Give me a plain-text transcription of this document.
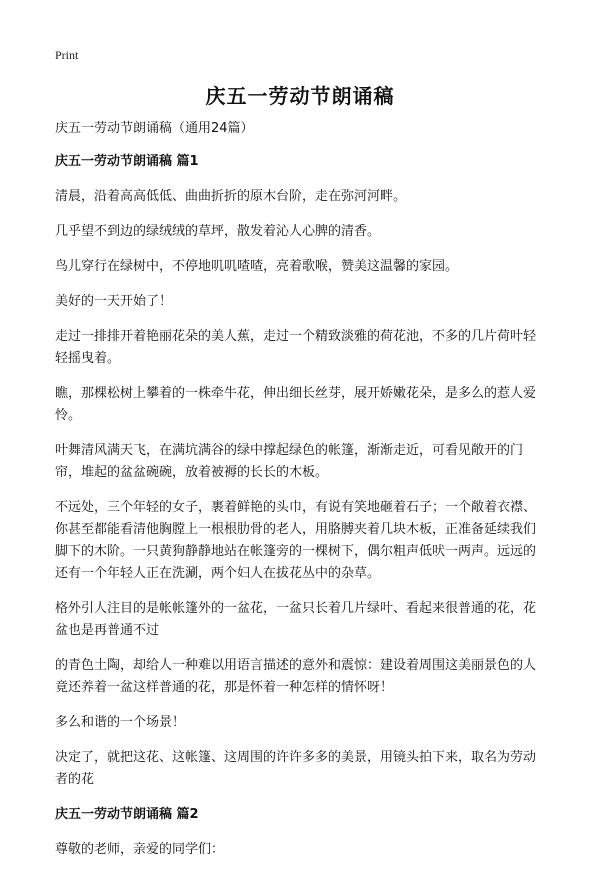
Print
庆五一劳动节朗诵稿
庆五一劳动节朗诵稿（通用24篇）
庆五一劳动节朗诵稿 篇1
清晨，沿着高高低低、曲曲折折的原木台阶，走在弥河河畔。
几乎望不到边的绿绒绒的草坪，散发着沁人心脾的清香。
鸟儿穿行在绿树中，不停地叽叽喳喳，亮着歌喉，赞美这温馨的家园。
美好的一天开始了！
走过一排排开着艳丽花朵的美人蕉，走过一个精致淡雅的荷花池，不多的几片荷叶轻轻摇曳着。
瞧，那棵松树上攀着的一株牵牛花，伸出细长丝芽，展开娇嫩花朵，是多么的惹人爱怜。
叶舞清风满天飞，在满坑满谷的绿中撑起绿色的帐篷，渐渐走近，可看见敞开的门帘，堆起的盆盆碗碗，放着被褥的长长的木板。
不远处，三个年轻的女子，裹着鲜艳的头巾，有说有笑地砸着石子；一个敞着衣襟、你甚至都能看清他胸膛上一根根肋骨的老人，用胳膊夹着几块木板，正准备延续我们脚下的木阶。一只黄狗静静地站在帐篷旁的一棵树下，偶尔粗声低吠一两声。远远的还有一个年轻人正在洗涮，两个妇人在拔花丛中的杂草。
格外引人注目的是帐帐篷外的一盆花，一盆只长着几片绿叶、看起来很普通的花，花盆也是再普通不过
的青色土陶，却给人一种难以用语言描述的意外和震惊：建设着周围这美丽景色的人竟还养着一盆这样普通的花，那是怀着一种怎样的情怀呀！
多么和谐的一个场景！
决定了，就把这花、这帐篷、这周围的许许多多的美景，用镜头拍下来，取名为劳动者的花
庆五一劳动节朗诵稿 篇2
尊敬的老师，亲爱的同学们：
